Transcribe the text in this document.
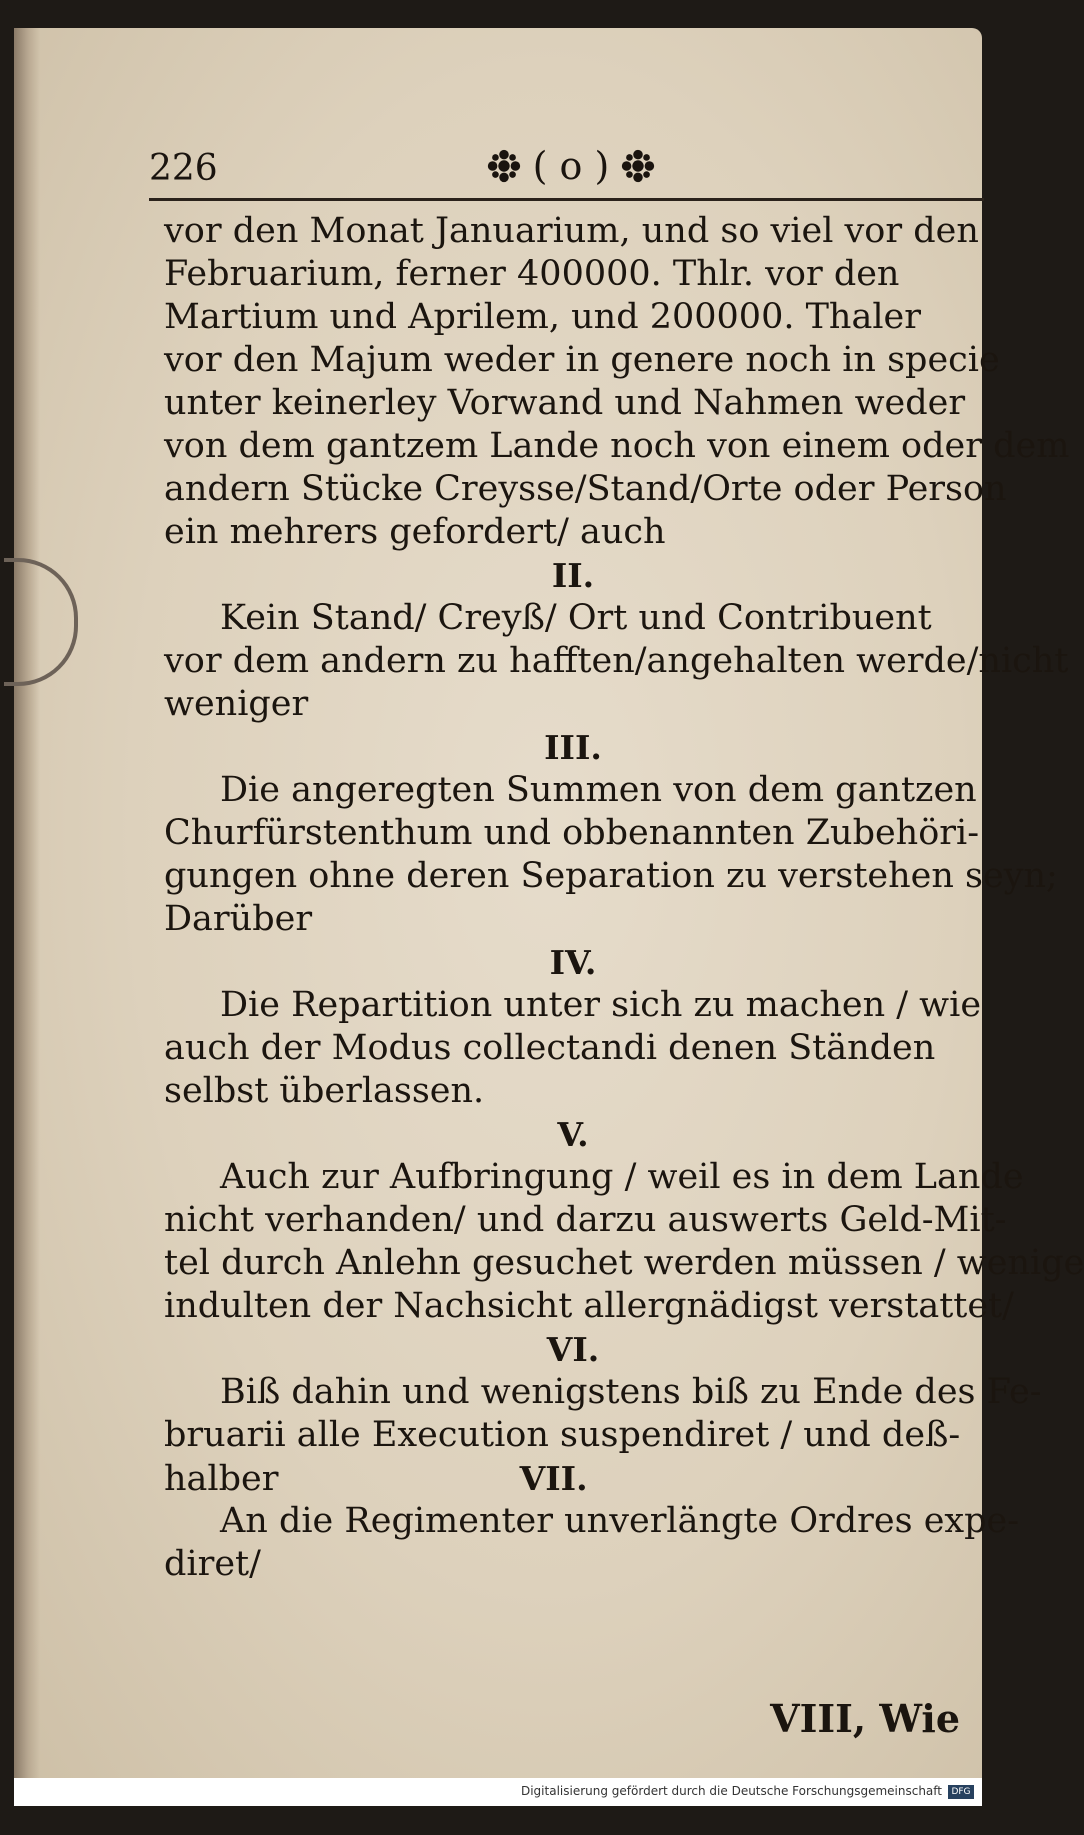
226	( o )
vor den Monat Januarium, und so viel vor den
Februarium, ferner 400000. Thlr. vor den
Martium und Aprilem, und 200000. Thaler
vor den Majum weder in genere noch in specie
unter keinerley Vorwand und Nahmen weder
von dem gantzem Lande noch von einem oder dem
andern Stücke Creysse/Stand/Orte oder Person
ein mehrers gefordert/ auch
II.
Kein Stand/ Creyß/ Ort und Contribuent
vor dem andern zu hafften/angehalten werde/nicht
weniger
III.
Die angeregten Summen von dem gantzen
Churfürstenthum und obbenannten Zubehöri-
gungen ohne deren Separation zu verstehen seyn;
Darüber
IV.
Die Repartition unter sich zu machen / wie
auch der Modus collectandi denen Ständen
selbst überlassen.
V.
Auch zur Aufbringung / weil es in dem Lande
nicht verhanden/ und darzu auswerts Geld-Mit-
tel durch Anlehn gesuchet werden müssen / wenige
indulten der Nachsicht allergnädigst verstattet/
VI.
Biß dahin und wenigstens biß zu Ende des Fe-
bruarii alle Execution suspendiret / und deß-
halber	VII.
An die Regimenter unverlängte Ordres expe-
diret/
VIII, Wie
Digitalisierung gefördert durch die Deutsche Forschungsgemeinschaft	DFG
